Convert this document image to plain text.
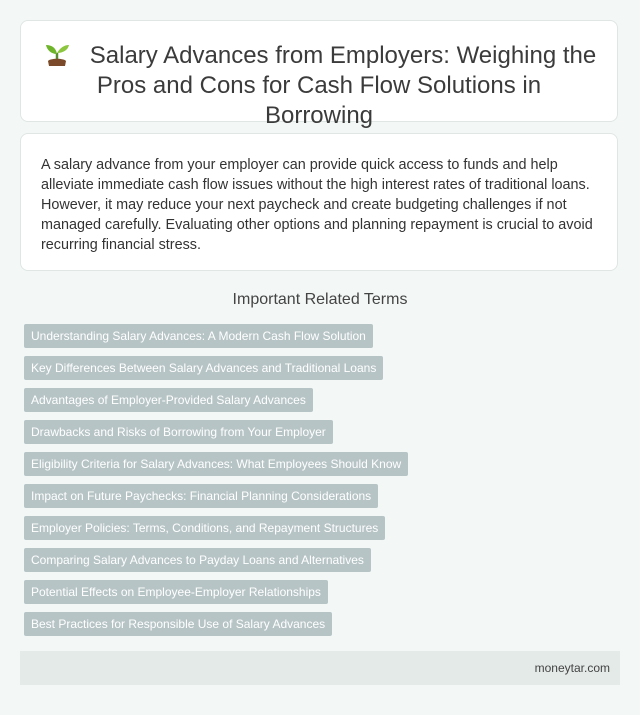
Salary Advances from Employers: Weighing the Pros and Cons for Cash Flow Solutions in Borrowing

A salary advance from your employer can provide quick access to funds and help alleviate immediate cash flow issues without the high interest rates of traditional loans. However, it may reduce your next paycheck and create budgeting challenges if not managed carefully. Evaluating other options and planning repayment is crucial to avoid recurring financial stress.

Important Related Terms
Understanding Salary Advances: A Modern Cash Flow Solution
Key Differences Between Salary Advances and Traditional Loans
Advantages of Employer-Provided Salary Advances
Drawbacks and Risks of Borrowing from Your Employer
Eligibility Criteria for Salary Advances: What Employees Should Know
Impact on Future Paychecks: Financial Planning Considerations
Employer Policies: Terms, Conditions, and Repayment Structures
Comparing Salary Advances to Payday Loans and Alternatives
Potential Effects on Employee-Employer Relationships
Best Practices for Responsible Use of Salary Advances
moneytar.com
